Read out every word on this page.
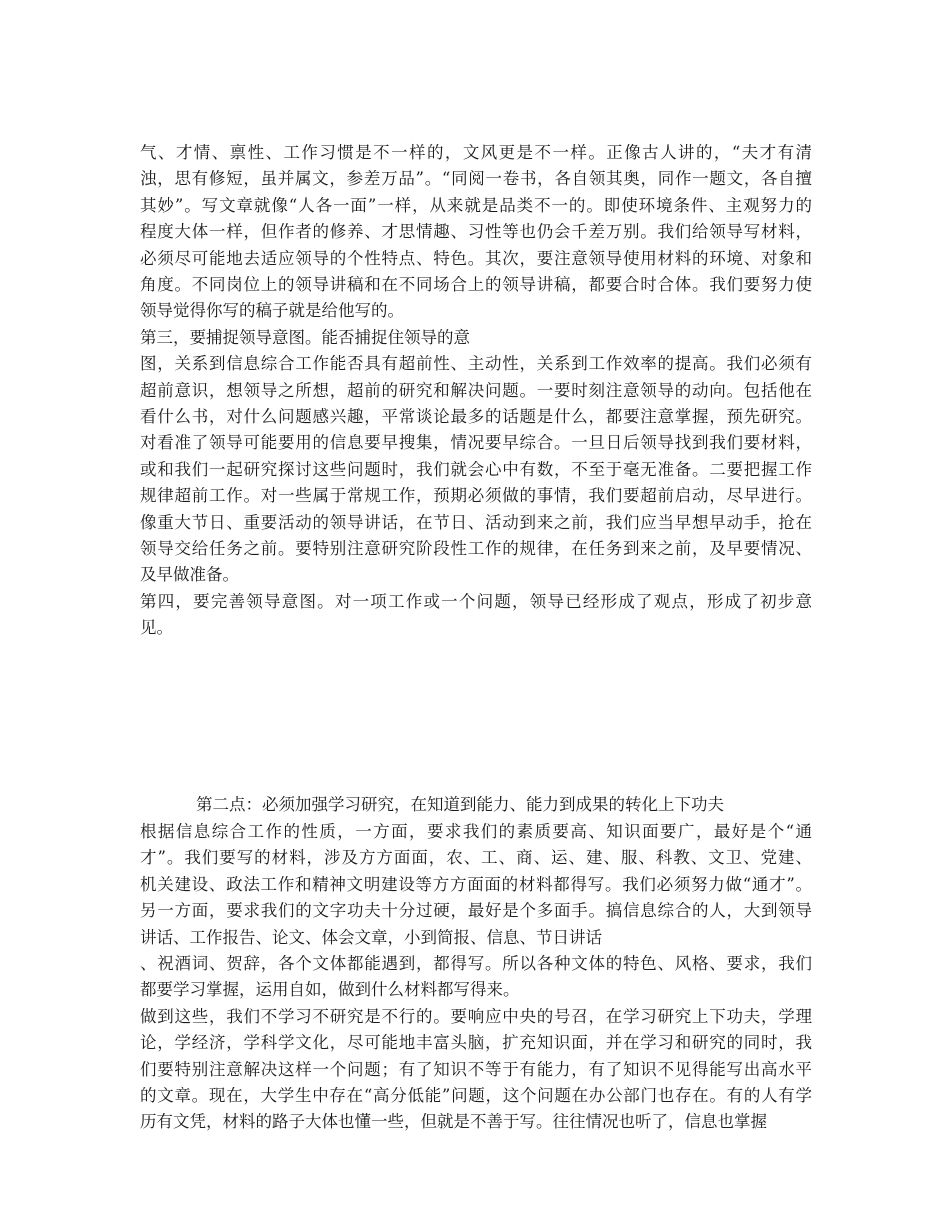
气、才情、禀性、工作习惯是不一样的，文风更是不一样。正像古人讲的，“夫才有清
浊，思有修短，虽并属文，参差万品”。“同阅一卷书，各自领其奥，同作一题文，各自擅
其妙”。写文章就像“人各一面”一样，从来就是品类不一的。即使环境条件、主观努力的
程度大体一样，但作者的修养、才思情趣、习性等也仍会千差万别。我们给领导写材料，
必须尽可能地去适应领导的个性特点、特色。其次，要注意领导使用材料的环境、对象和
角度。不同岗位上的领导讲稿和在不同场合上的领导讲稿，都要合时合体。我们要努力使
领导觉得你写的稿子就是给他写的。
第三，要捕捉领导意图。能否捕捉住领导的意
图，关系到信息综合工作能否具有超前性、主动性，关系到工作效率的提高。我们必须有
超前意识，想领导之所想，超前的研究和解决问题。一要时刻注意领导的动向。包括他在
看什么书，对什么问题感兴趣，平常谈论最多的话题是什么，都要注意掌握，预先研究。
对看准了领导可能要用的信息要早搜集，情况要早综合。一旦日后领导找到我们要材料，
或和我们一起研究探讨这些问题时，我们就会心中有数，不至于毫无准备。二要把握工作
规律超前工作。对一些属于常规工作，预期必须做的事情，我们要超前启动，尽早进行。
像重大节日、重要活动的领导讲话，在节日、活动到来之前，我们应当早想早动手，抢在
领导交给任务之前。要特别注意研究阶段性工作的规律，在任务到来之前，及早要情况、
及早做准备。
第四，要完善领导意图。对一项工作或一个问题，领导已经形成了观点，形成了初步意
见。
第二点：必须加强学习研究，在知道到能力、能力到成果的转化上下功夫
根据信息综合工作的性质，一方面，要求我们的素质要高、知识面要广，最好是个“通
才”。我们要写的材料，涉及方方面面，农、工、商、运、建、服、科教、文卫、党建、
机关建设、政法工作和精神文明建设等方方面面的材料都得写。我们必须努力做“通才”。
另一方面，要求我们的文字功夫十分过硬，最好是个多面手。搞信息综合的人，大到领导
讲话、工作报告、论文、体会文章，小到简报、信息、节日讲话
、祝酒词、贺辞，各个文体都能遇到，都得写。所以各种文体的特色、风格、要求，我们
都要学习掌握，运用自如，做到什么材料都写得来。
做到这些，我们不学习不研究是不行的。要响应中央的号召，在学习研究上下功夫，学理
论，学经济，学科学文化，尽可能地丰富头脑，扩充知识面，并在学习和研究的同时，我
们要特别注意解决这样一个问题；有了知识不等于有能力，有了知识不见得能写出高水平
的文章。现在，大学生中存在“高分低能”问题，这个问题在办公部门也存在。有的人有学
历有文凭，材料的路子大体也懂一些，但就是不善于写。往往情况也听了，信息也掌握
